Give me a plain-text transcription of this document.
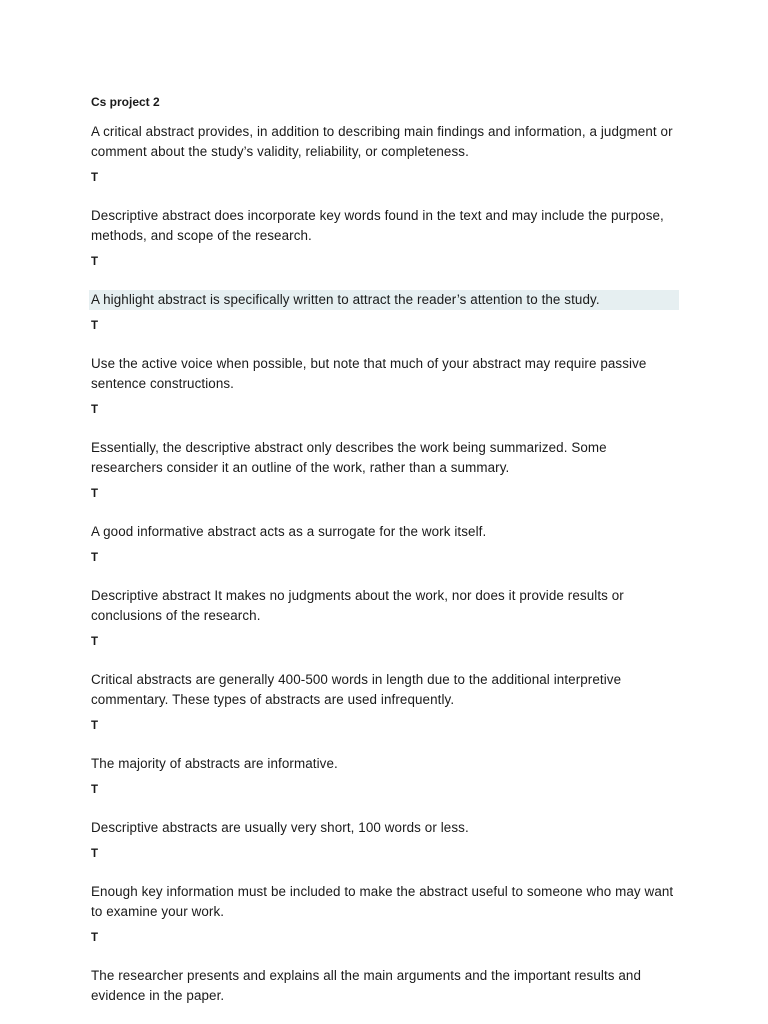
Cs project 2

A critical abstract provides, in addition to describing main findings and information, a judgment or comment about the study’s validity, reliability, or completeness.

T

Descriptive abstract does incorporate key words found in the text and may include the purpose, methods, and scope of the research.

T

A highlight abstract is specifically written to attract the reader’s attention to the study.

T

Use the active voice when possible, but note that much of your abstract may require passive sentence constructions.

T

Essentially, the descriptive abstract only describes the work being summarized. Some researchers consider it an outline of the work, rather than a summary.

T

A good informative abstract acts as a surrogate for the work itself.

T

Descriptive abstract It makes no judgments about the work, nor does it provide results or conclusions of the research.

T

Critical abstracts are generally 400-500 words in length due to the additional interpretive commentary. These types of abstracts are used infrequently.

T

The majority of abstracts are informative.

T

Descriptive abstracts are usually very short, 100 words or less.

T

Enough key information must be included to make the abstract useful to someone who may want to examine your work.

T

The researcher presents and explains all the main arguments and the important results and evidence in the paper.
